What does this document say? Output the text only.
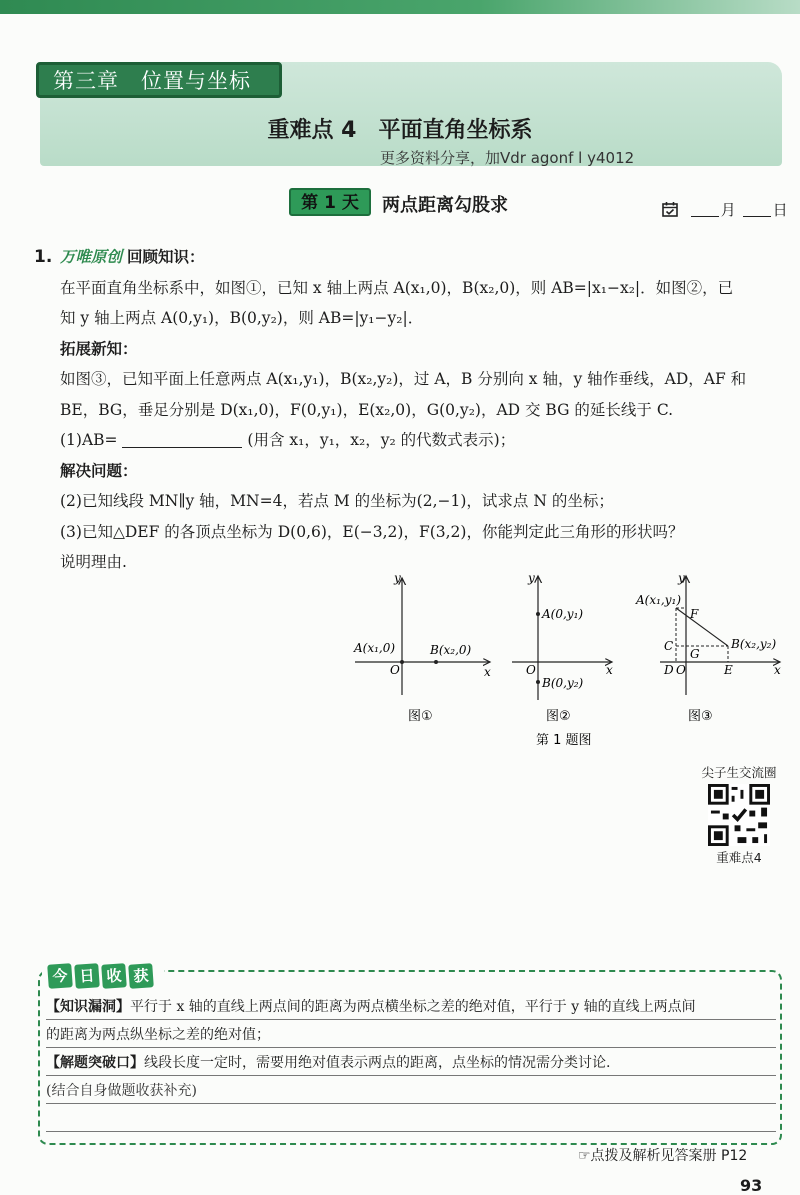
第三章　位置与坐标
重难点 4　平面直角坐标系
更多资料分享，加Vdr agonf l y4012
第 1 天	两点距离勾股求	月 日
1. 万唯原创 回顾知识：
在平面直角坐标系中，如图①，已知 x 轴上两点 A(x₁,0)，B(x₂,0)，则 AB=|x₁−x₂|．如图②，已
知 y 轴上两点 A(0,y₁)，B(0,y₂)，则 AB=|y₁−y₂|．
拓展新知：
如图③，已知平面上任意两点 A(x₁,y₁)，B(x₂,y₂)，过 A，B 分别向 x 轴，y 轴作垂线，AD，AF 和
BE，BG，垂足分别是 D(x₁,0)，F(0,y₁)，E(x₂,0)，G(0,y₂)，AD 交 BG 的延长线于 C.
(1)AB=	(用含 x₁，y₁，x₂，y₂ 的代数式表示)；
解决问题：
(2)已知线段 MN∥y 轴，MN=4，若点 M 的坐标为(2,−1)，试求点 N 的坐标；
(3)已知△DEF 的各顶点坐标为 D(0,6)，E(−3,2)，F(3,2)，你能判定此三角形的形状吗？
说明理由.
y
x
O
A(x₁,0)	B(x₂,0)
y
x
O
A(0,y₁)
B(0,y₂)
y
x
A(x₁,y₁)
B(x₂,y₂)
F
C
G
D O	E
图①	图②	图③
第 1 题图
尖子生交流圈
重难点4
今 日 收 获
【知识漏洞】平行于 x 轴的直线上两点间的距离为两点横坐标之差的绝对值，平行于 y 轴的直线上两点间
的距离为两点纵坐标之差的绝对值；
【解题突破口】线段长度一定时，需要用绝对值表示两点的距离，点坐标的情况需分类讨论.
(结合自身做题收获补充)
☞点拨及解析见答案册 P12
93
